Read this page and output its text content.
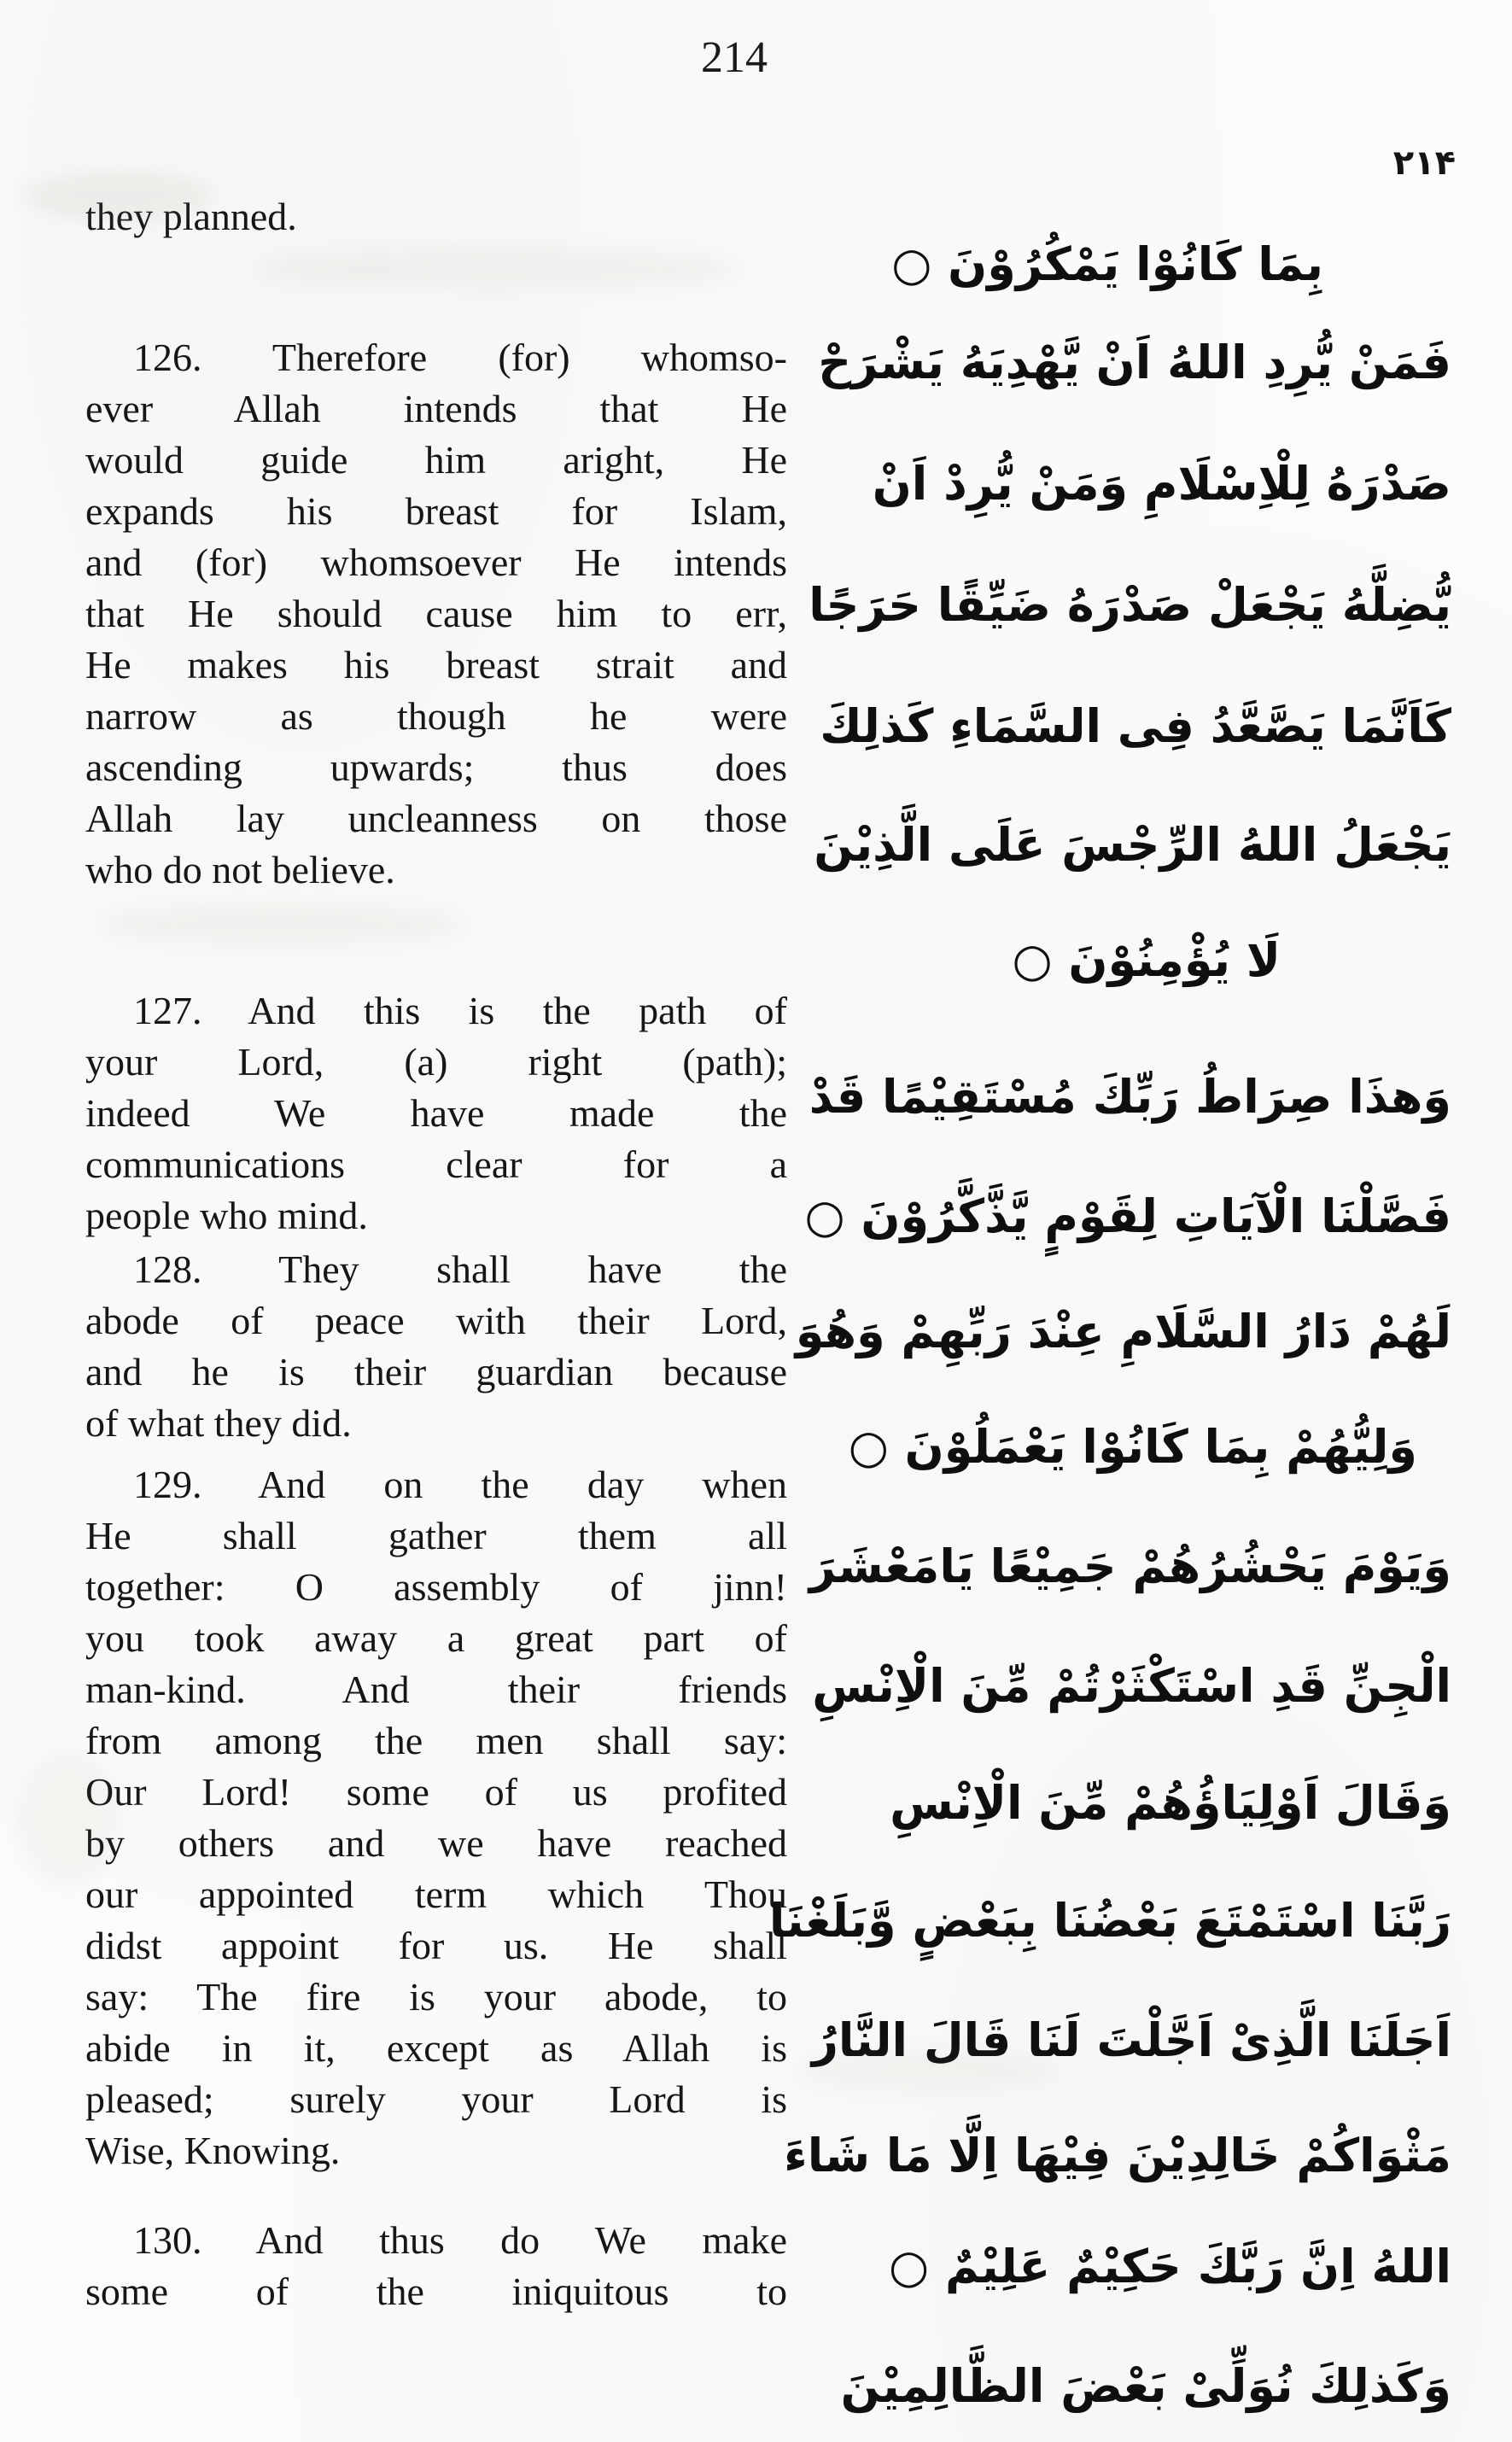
214
۲۱۴
they planned.
126. Therefore (for) whomso-
ever Allah intends that He
would guide him aright, He
expands his breast for Islam,
and (for) whomsoever He intends
that He should cause him to err,
He makes his breast strait and
narrow as though he were
ascending upwards; thus does
Allah lay uncleanness on those
who do not believe.
127. And this is the path of
your Lord, (a) right (path);
indeed We have made the
communications clear for a
people who mind.
128. They shall have the
abode of peace with their Lord,
and he is their guardian because
of what they did.
129. And on the day when
He shall gather them all
together: O assembly of jinn!
you took away a great part of
man-kind. And their friends
from among the men shall say:
Our Lord! some of us profited
by others and we have reached
our appointed term which Thou
didst appoint for us. He shall
say: The fire is your abode, to
abide in it, except as Allah is
pleased; surely your Lord is
Wise, Knowing.
130. And thus do We make
some of the iniquitous to
بِمَا كَانُوْا يَمْكُرُوْنَ ○
فَمَنْ يُّرِدِ اللهُ اَنْ يَّهْدِيَهُ يَشْرَحْ
صَدْرَهُ لِلْاِسْلَامِ وَمَنْ يُّرِدْ اَنْ
يُّضِلَّهُ يَجْعَلْ صَدْرَهُ ضَيِّقًا حَرَجًا
كَاَنَّمَا يَصَّعَّدُ فِى السَّمَاءِ كَذلِكَ
يَجْعَلُ اللهُ الرِّجْسَ عَلَى الَّذِيْنَ
لَا يُؤْمِنُوْنَ ○
وَهذَا صِرَاطُ رَبِّكَ مُسْتَقِيْمًا قَدْ
فَصَّلْنَا الْآيَاتِ لِقَوْمٍ يَّذَّكَّرُوْنَ ○
لَهُمْ دَارُ السَّلَامِ عِنْدَ رَبِّهِمْ وَهُوَ
وَلِيُّهُمْ بِمَا كَانُوْا يَعْمَلُوْنَ ○
وَيَوْمَ يَحْشُرُهُمْ جَمِيْعًا يَامَعْشَرَ
الْجِنِّ قَدِ اسْتَكْثَرْتُمْ مِّنَ الْاِنْسِ
وَقَالَ اَوْلِيَاؤُهُمْ مِّنَ الْاِنْسِ
رَبَّنَا اسْتَمْتَعَ بَعْضُنَا بِبَعْضٍ وَّبَلَغْنَا
اَجَلَنَا الَّذِىْ اَجَّلْتَ لَنَا قَالَ النَّارُ
مَثْوَاكُمْ خَالِدِيْنَ فِيْهَا اِلَّا مَا شَاءَ
اللهُ اِنَّ رَبَّكَ حَكِيْمٌ عَلِيْمٌ ○
وَكَذلِكَ نُوَلِّىْ بَعْضَ الظَّالِمِيْنَ
